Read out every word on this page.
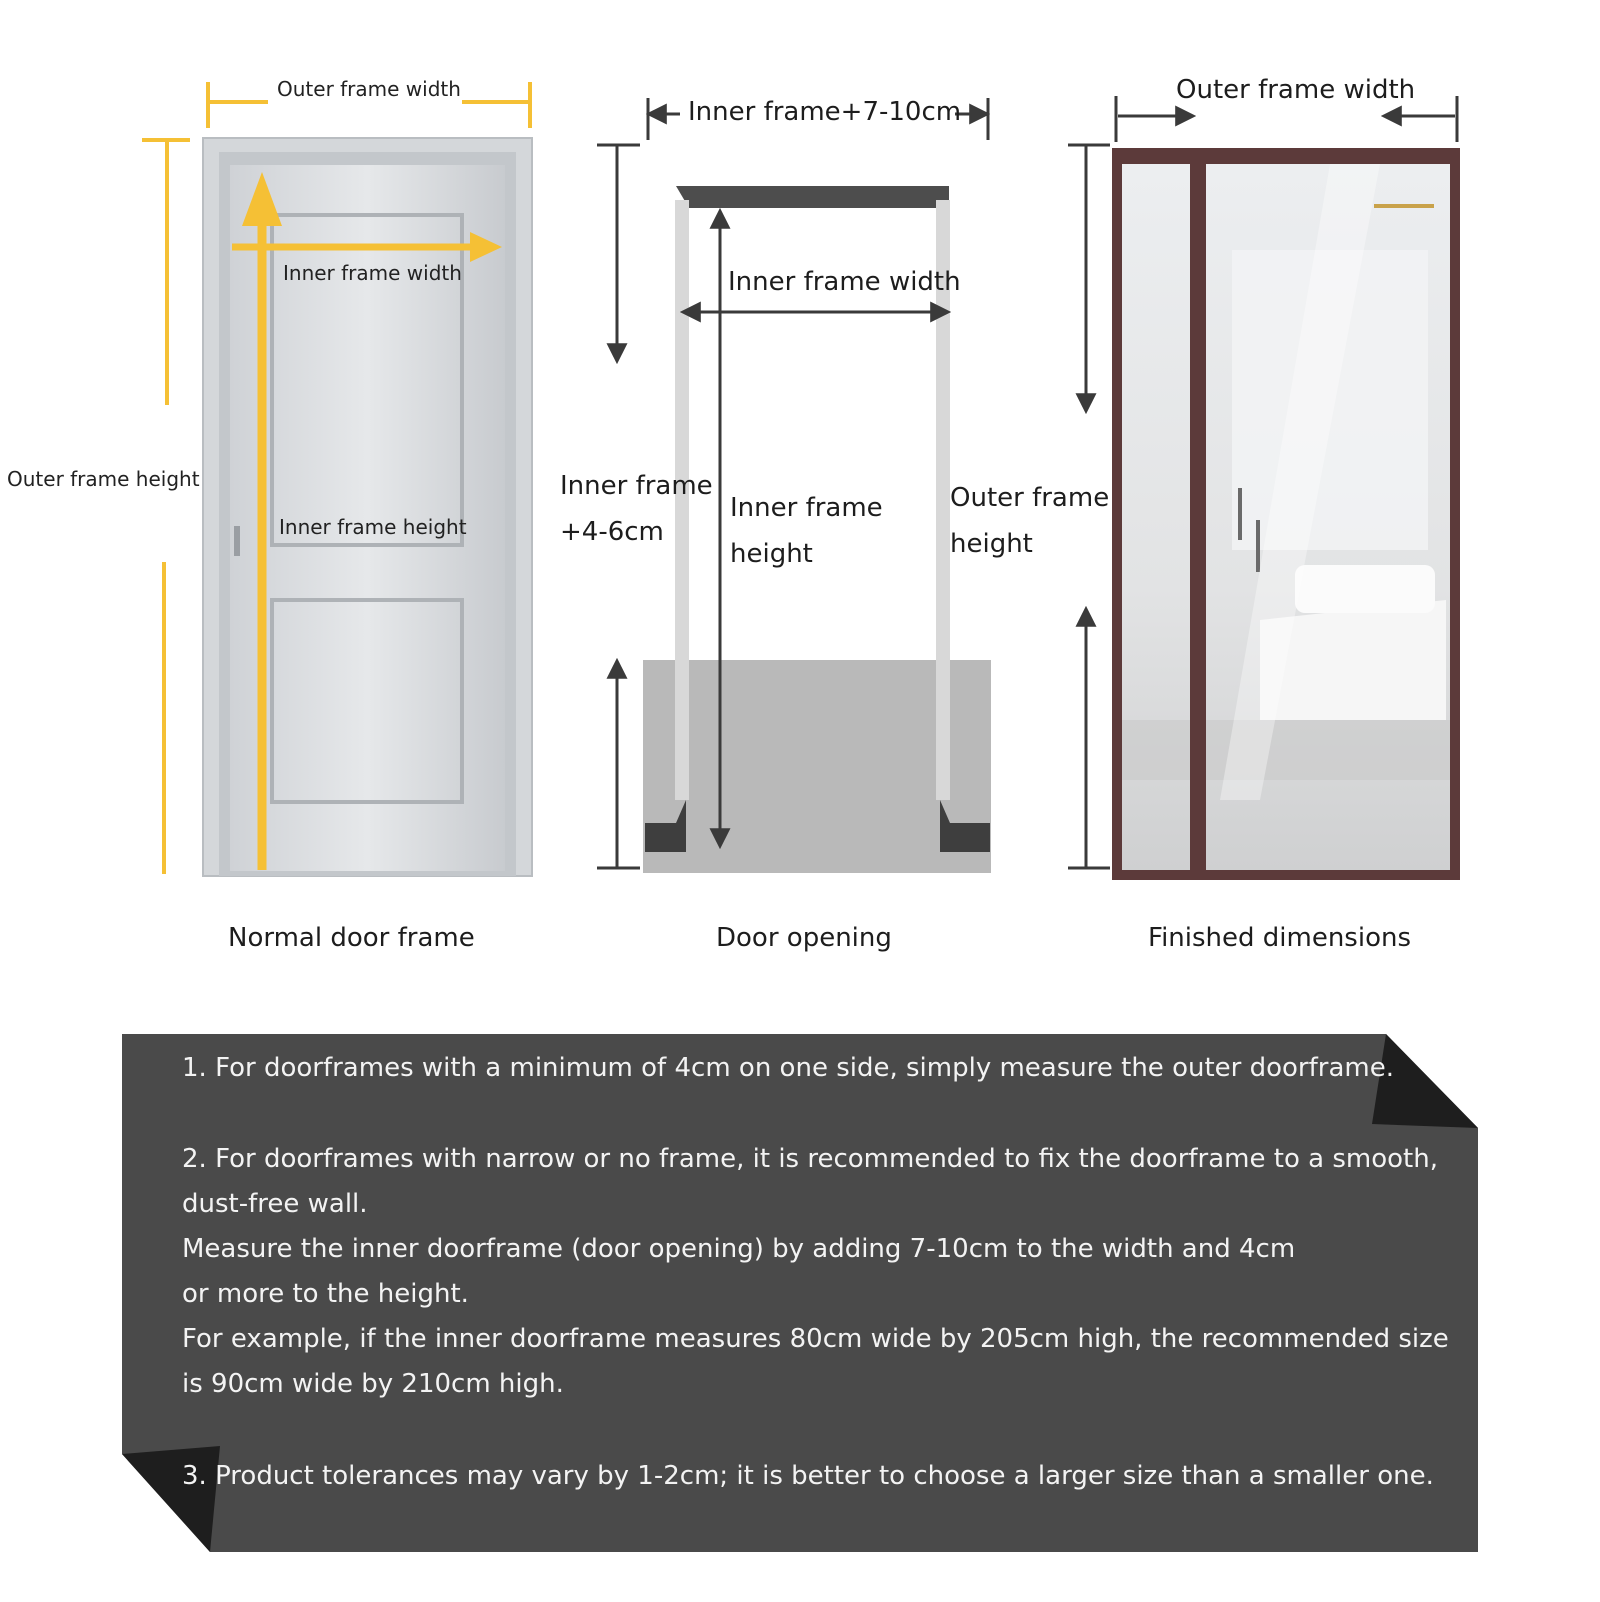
Outer frame width
Outer frame height
Inner frame width
Inner frame height
Normal door frame
Inner frame+7-10cm
Inner frame width
Inner frame
+4-6cm
Inner frame
height
Door opening
Outer frame width
Outer frame
height
Finished dimensions
1. For doorframes with a minimum of 4cm on one side, simply measure the outer doorframe.
2. For doorframes with narrow or no frame, it is recommended to fix the doorframe to a smooth,
dust-free wall.
Measure the inner doorframe (door opening) by adding 7-10cm to the width and 4cm
or more to the height.
For example, if the inner doorframe measures 80cm wide by 205cm high, the recommended size
is 90cm wide by 210cm high.
3. Product tolerances may vary by 1-2cm; it is better to choose a larger size than a smaller one.
